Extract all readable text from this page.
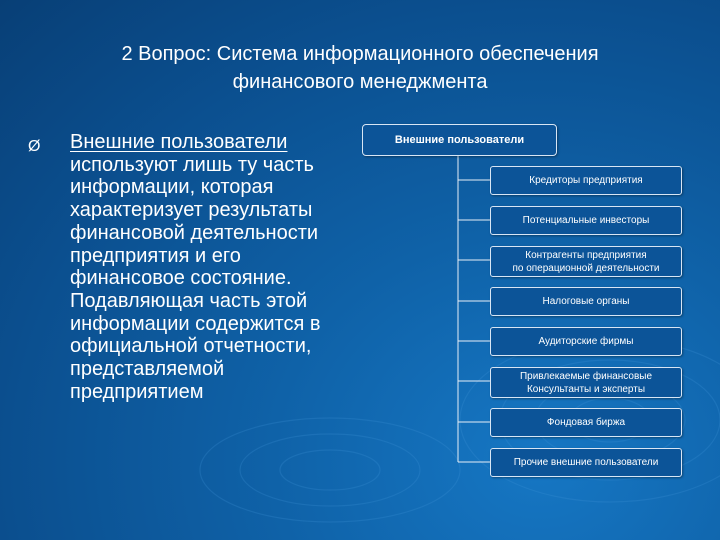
2 Вопрос: Система информационного обеспечения
финансового менеджмента
Ø Внешние пользователи используют лишь ту часть информации, которая характеризует результаты финансовой деятельности предприятия и его финансовое состояние. Подавляющая часть этой информации содержится в официальной отчетности, представляемой предприятием
Внешние пользователи
Кредиторы предприятия
Потенциальные инвесторы
Контрагенты предприятия
по операционной деятельности
Налоговые органы
Аудиторские фирмы
Привлекаемые финансовые
Консультанты и эксперты
Фондовая биржа
Прочие внешние пользователи
